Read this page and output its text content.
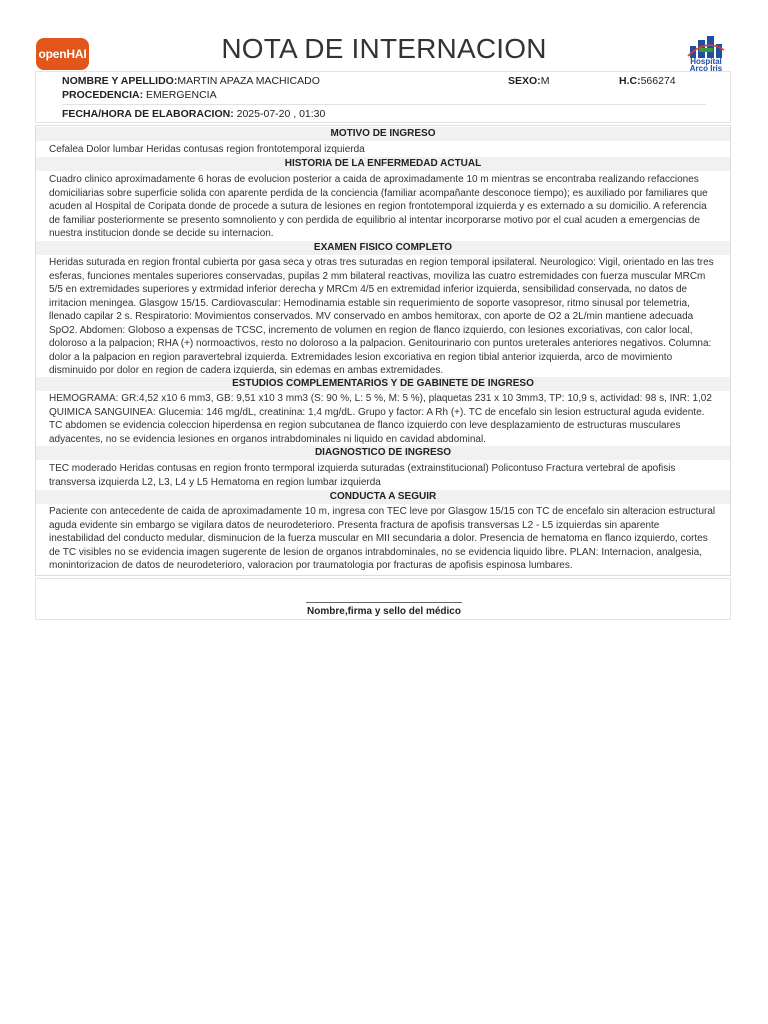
openHAI	NOTA DE INTERNACION	Hospital
Arco Iris
NOMBRE Y APELLIDO:MARTIN APAZA MACHICADO	SEXO:M	H.C:566274
PROCEDENCIA: EMERGENCIA
FECHA/HORA DE ELABORACION: 2025-07-20 , 01:30
MOTIVO DE INGRESO
Cefalea Dolor lumbar Heridas contusas region frontotemporal izquierda
HISTORIA DE LA ENFERMEDAD ACTUAL
Cuadro clinico aproximadamente 6 horas de evolucion posterior a caida de aproximadamente 10 m mientras se encontraba realizando refacciones domiciliarias sobre superficie solida con aparente perdida de la conciencia (familiar acompañante desconoce tiempo); es auxiliado por familiares que acuden al Hospital de Coripata donde de procede a sutura de lesiones en region frontotemporal izquierda y es externado a su domicilio. A referencia de familiar posteriormente se presento somnoliento y con perdida de equilibrio al intentar incorporarse motivo por el cual acuden a emergencias de nuestra institucion donde se decide su internacion.
EXAMEN FISICO COMPLETO
Heridas suturada en region frontal cubierta por gasa seca y otras tres suturadas en region temporal ipsilateral. Neurologico: Vigil, orientado en las tres esferas, funciones mentales superiores conservadas, pupilas 2 mm bilateral reactivas, moviliza las cuatro estremidades con fuerza muscular MRCm 5/5 en extremidades superiores y extrmidad inferior derecha y MRCm 4/5 en extremidad inferior izquierda, sensibilidad conservada, no datos de irritacion meningea. Glasgow 15/15. Cardiovascular: Hemodinamia estable sin requerimiento de soporte vasopresor, ritmo sinusal por telemetria, llenado capilar 2 s. Respiratorio: Movimientos conservados. MV conservado en ambos hemitorax, con aporte de O2 a 2L/min mantiene adecuada SpO2. Abdomen: Globoso a expensas de TCSC, incremento de volumen en region de flanco izquierdo, con lesiones excoriativas, con calor local, doloroso a la palpacion; RHA (+) normoactivos, resto no doloroso a la palpacion. Genitourinario con puntos ureterales anteriores negativos. Columna: dolor a la palpacion en region paravertebral izquierda. Extremidades lesion excoriativa en region tibial anterior izquierda, arco de movimiento disminuido por dolor en region de cadera izquierda, sin edemas en ambas extremidades.
ESTUDIOS COMPLEMENTARIOS Y DE GABINETE DE INGRESO
HEMOGRAMA: GR:4,52 x10 6 mm3, GB: 9,51 x10 3 mm3 (S: 90 %, L: 5 %, M: 5 %), plaquetas 231 x 10 3mm3, TP: 10,9 s, actividad: 98 s, INR: 1,02 QUIMICA SANGUINEA: Glucemia: 146 mg/dL, creatinina: 1,4 mg/dL. Grupo y factor: A Rh (+). TC de encefalo sin lesion estructural aguda evidente. TC abdomen se evidencia coleccion hiperdensa en region subcutanea de flanco izquierdo con leve desplazamiento de estructuras musculares adyacentes, no se evidencia lesiones en organos intrabdominales ni liquido en cavidad abdominal.
DIAGNOSTICO DE INGRESO
TEC moderado Heridas contusas en region fronto termporal izquierda suturadas (extrainstitucional) Policontuso Fractura vertebral de apofisis transversa izquierda L2, L3, L4 y L5 Hematoma en region lumbar izquierda
CONDUCTA A SEGUIR
Paciente con antecedente de caida de aproximadamente 10 m, ingresa con TEC leve por Glasgow 15/15 con TC de encefalo sin alteracion estructural aguda evidente sin embargo se vigilara datos de neurodeterioro. Presenta fractura de apofisis transversas L2 - L5 izquierdas sin aparente inestabilidad del conducto medular, disminucion de la fuerza muscular en MII secundaria a dolor. Presencia de hematoma en flanco izquierdo, cortes de TC visibles no se evidencia imagen sugerente de lesion de organos intrabdominales, no se evidencia liquido libre. PLAN: Internacion, analgesia, monintorizacion de datos de neurodeterioro, valoracion por traumatologia por fracturas de apofisis espinosa lumbares.
Nombre,firma y sello del médico
